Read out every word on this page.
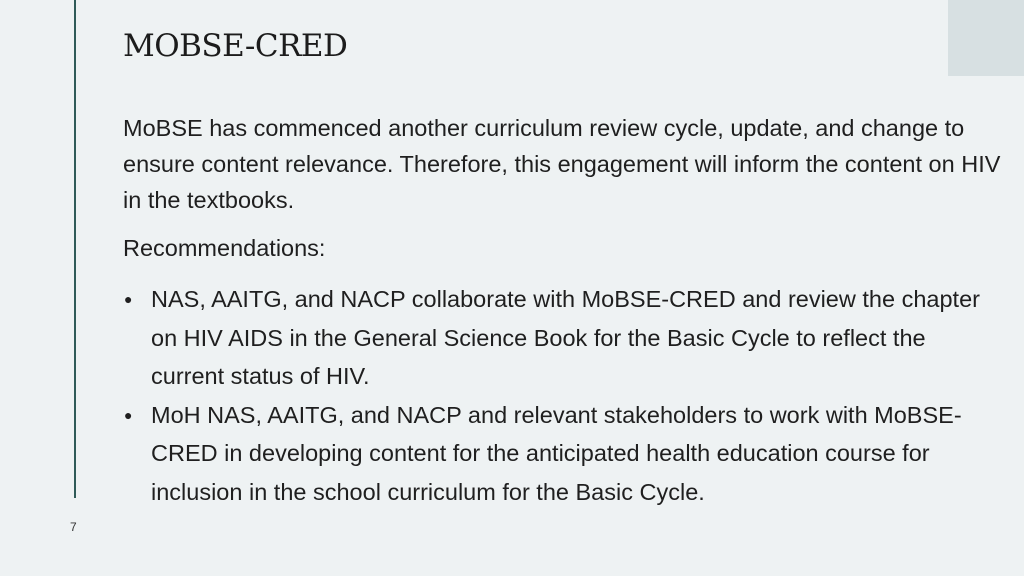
MOBSE-CRED

MoBSE has commenced another curriculum review cycle, update, and change to ensure content relevance. Therefore, this engagement will inform the content on HIV in the textbooks.

Recommendations:

● NAS, AAITG, and NACP collaborate with MoBSE-CRED and review the chapter on HIV AIDS in the General Science Book for the Basic Cycle to reflect the current status of HIV.
● MoH NAS, AAITG, and NACP and relevant stakeholders to work with MoBSE-CRED in developing content for the anticipated health education course for inclusion in the school curriculum for the Basic Cycle.
7
